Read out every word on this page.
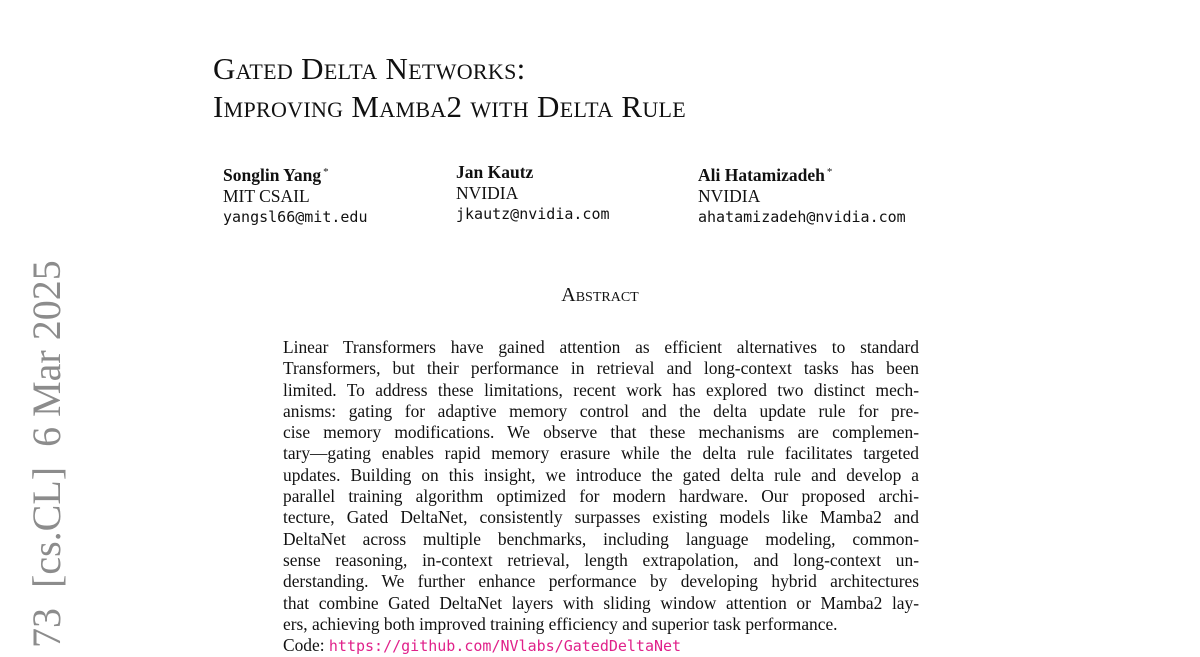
Gated Delta Networks:
Improving Mamba2 with Delta Rule
Songlin Yang *
MIT CSAIL
yangsl66@mit.edu
Jan Kautz
NVIDIA
jkautz@nvidia.com
Ali Hatamizadeh *
NVIDIA
ahatamizadeh@nvidia.com
Abstract
Linear Transformers have gained attention as efficient alternatives to standard
Transformers, but their performance in retrieval and long-context tasks has been
limited. To address these limitations, recent work has explored two distinct mech-
anisms: gating for adaptive memory control and the delta update rule for pre-
cise memory modifications. We observe that these mechanisms are complemen-
tary—gating enables rapid memory erasure while the delta rule facilitates targeted
updates. Building on this insight, we introduce the gated delta rule and develop a
parallel training algorithm optimized for modern hardware. Our proposed archi-
tecture, Gated DeltaNet, consistently surpasses existing models like Mamba2 and
DeltaNet across multiple benchmarks, including language modeling, common-
sense reasoning, in-context retrieval, length extrapolation, and long-context un-
derstanding. We further enhance performance by developing hybrid architectures
that combine Gated DeltaNet layers with sliding window attention or Mamba2 lay-
ers, achieving both improved training efficiency and superior task performance.
Code: https://github.com/NVlabs/GatedDeltaNet
73[cs.CL]6 Mar 2025
